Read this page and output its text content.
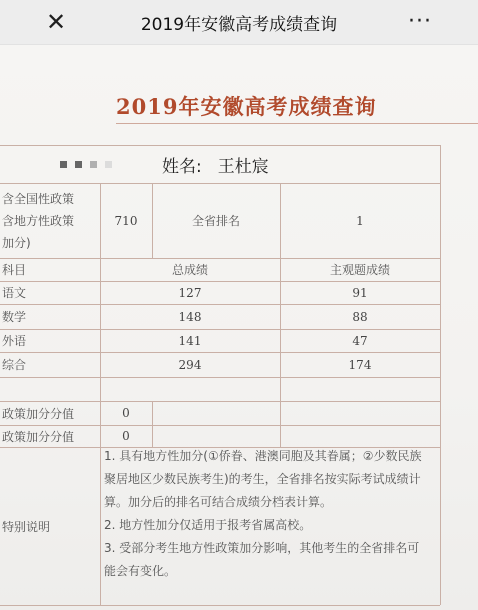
✕	2019年安徽高考成绩查询	···
2019年安徽高考成绩查询
姓名: 王杜宸
含全国性政策
含地方性政策
加分)
710	全省排名	1
科目	总成绩	主观题成绩
语文	127	91
数学	148	88
外语	141	47
综合	294	174
政策加分分值	0
政策加分分值	0
特别说明

1. 具有地方性加分(①侨眷、港澳同胞及其眷属；②少数民族

聚居地区少数民族考生)的考生，全省排名按实际考试成绩计

算。加分后的排名可结合成绩分档表计算。

2. 地方性加分仅适用于报考省属高校。

3. 受部分考生地方性政策加分影响，其他考生的全省排名可

能会有变化。
